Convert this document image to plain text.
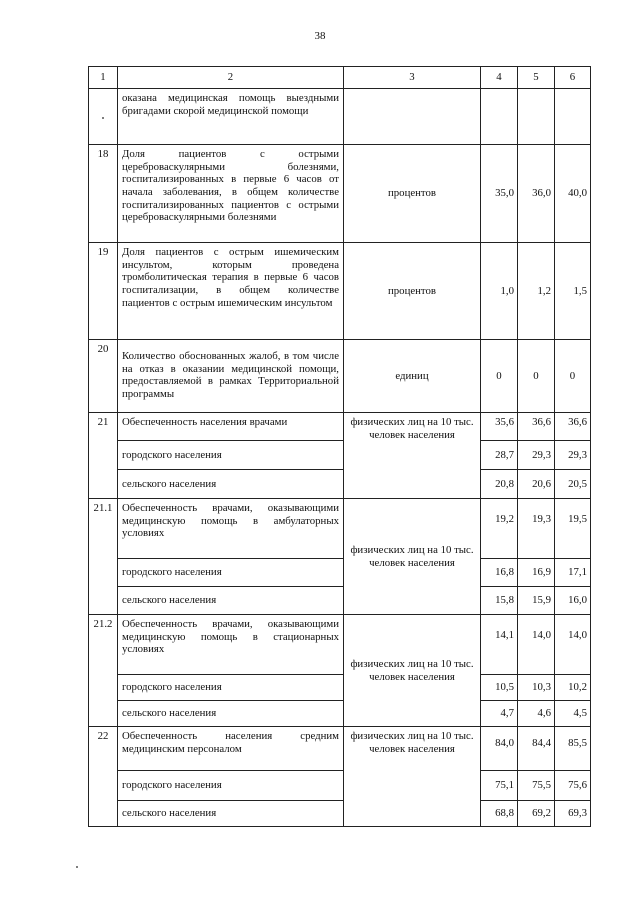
38
1	2	3	4	5	6
	оказана медицинская помощь выездными бригадами скорой медицинской помощи				
18	Доля пациентов с острыми цереброваскулярными болезнями, госпитализированных в первые 6 часов от начала заболевания, в общем количестве госпитализированных пациентов с острыми цереброваскулярными болезнями	процентов	35,0	36,0	40,0
19	Доля пациентов с острым ишемическим инсультом, которым проведена тромболитическая терапия в первые 6 часов госпитализации, в общем количестве пациентов с острым ишемическим инсультом	процентов	1,0	1,2	1,5
20	Количество обоснованных жалоб, в том числе на отказ в оказании медицинской помощи, предоставляемой в рамках Территориальной программы	единиц	0	0	0
21	Обеспеченность населения врачами	физических лиц на 10 тыс. человек населения	35,6	36,6	36,6
	городского населения		28,7	29,3	29,3
	сельского населения		20,8	20,6	20,5
21.1	Обеспеченность врачами, оказывающими медицинскую помощь в амбулаторных условиях	физических лиц на 10 тыс. человек населения	19,2	19,3	19,5
	городского населения		16,8	16,9	17,1
	сельского населения		15,8	15,9	16,0
21.2	Обеспеченность врачами, оказывающими медицинскую помощь в стационарных условиях	физических лиц на 10 тыс. человек населения	14,1	14,0	14,0
	городского населения		10,5	10,3	10,2
	сельского населения		4,7	4,6	4,5
22	Обеспеченность населения средним медицинским персоналом	физических лиц на 10 тыс. человек населения	84,0	84,4	85,5
	городского населения		75,1	75,5	75,6
	сельского населения		68,8	69,2	69,3
